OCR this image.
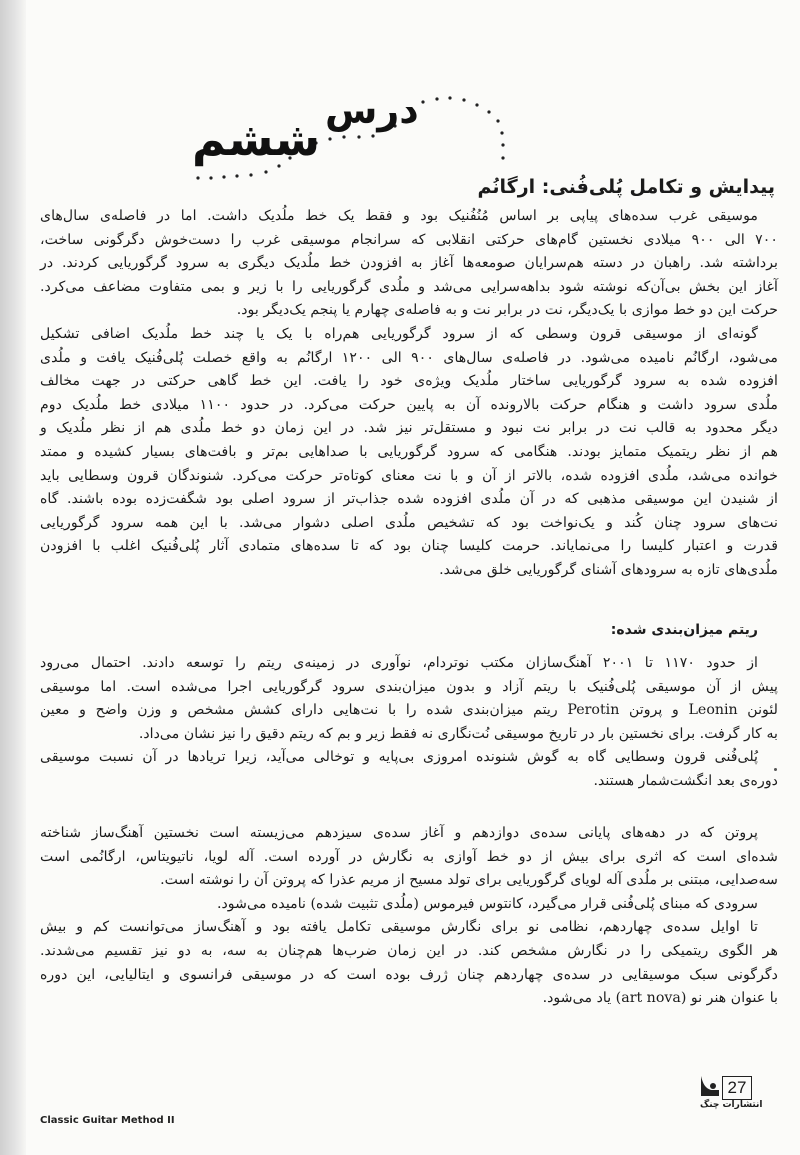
درس
ششم
پیدایش و تکامل پُلی‌فُنی: ارگانُم
موسیقی غرب سده‌های پیاپی بر اساس مُنُفُنیک بود و فقط یک خط ملُدیک داشت. اما در فاصله‌ی سال‌های
۷۰۰ الی ۹۰۰ میلادی نخستین گام‌های حرکتی انقلابی که سرانجام موسیقی غرب را دست‌خوش دگرگونی ساخت،
برداشته شد. راهبان در دسته هم‌سرایان صومعه‌ها آغاز به افزودن خط ملُدیک دیگری به سرود گرگوریایی کردند. در
آغاز این بخش بی‌آن‌که نوشته شود بداهه‌سرایی می‌شد و ملُدی گرگوریایی را با زیر و بمی متفاوت مضاعف می‌کرد.
حرکت این دو خط موازی با یک‌دیگر، نت در برابر نت و به فاصله‌ی چهارم یا پنجم یک‌دیگر بود.
گونه‌ای از موسیقی قرون وسطی که از سرود گرگوریایی هم‌راه با یک یا چند خط ملُدیک اضافی تشکیل
می‌شود، ارگانُم نامیده می‌شود. در فاصله‌ی سال‌های ۹۰۰ الی ۱۲۰۰ ارگانُم به واقع خصلت پُلی‌فُنیک یافت و ملُدی
افزوده شده به سرود گرگوریایی ساختار ملُدیک ویژه‌ی خود را یافت. این خط گاهی حرکتی در جهت مخالف
ملُدی سرود داشت و هنگام حرکت بالارونده آن به پایین حرکت می‌کرد. در حدود ۱۱۰۰ میلادی خط ملُدیک دوم
دیگر محدود به قالب نت در برابر نت نبود و مستقل‌تر نیز شد. در این زمان دو خط ملُدی هم از نظر ملُدیک و
هم از نظر ریتمیک متمایز بودند. هنگامی که سرود گرگوریایی با صداهایی بم‌تر و بافت‌های بسیار کشیده و ممتد
خوانده می‌شد، ملُدی افزوده شده، بالاتر از آن و با نت معنای کوتاه‌تر حرکت می‌کرد. شنوندگان قرون وسطایی باید
از شنیدن این موسیقی مذهبی که در آن ملُدی افزوده شده جذاب‌تر از سرود اصلی بود شگفت‌زده بوده باشند. گاه
نت‌های سرود چنان کُند و یک‌نواخت بود که تشخیص ملُدی اصلی دشوار می‌شد. با این همه سرود گرگوریایی
قدرت و اعتبار کلیسا را می‌نمایاند. حرمت کلیسا چنان بود که تا سده‌های متمادی آثار پُلی‌فُنیک اغلب با افزودن
ملُدی‌های تازه به سرودهای آشنای گرگوریایی خلق می‌شد.
ریتم میزان‌بندی شده:
از حدود ۱۱۷۰ تا ۲۰۰۱ آهنگ‌سازان مکتب نوتردام، نوآوری در زمینه‌ی ریتم را توسعه دادند. احتمال می‌رود
پیش از آن موسیقی پُلی‌فُنیک با ریتم آزاد و بدون میزان‌بندی سرود گرگوریایی اجرا می‌شده است. اما موسیقی
لئونن Leonin و پروتن Perotin ریتم میزان‌بندی شده را با نت‌هایی دارای کشش مشخص و وزن واضح و معین
به کار گرفت. برای نخستین بار در تاریخ موسیقی نُت‌نگاری نه فقط زیر و بم که ریتم دقیق را نیز نشان می‌داد.
پُلی‌فُنی قرون وسطایی گاه به گوش شنونده امروزی بی‌پایه و توخالی می‌آید، زیرا تریادها در آن نسبت موسیقی
دوره‌ی بعد انگشت‌شمار هستند.
پروتن که در دهه‌های پایانی سده‌ی دوازدهم و آغاز سده‌ی سیزدهم می‌زیسته است نخستین آهنگ‌ساز شناخته
شده‌ای است که اثری برای بیش از دو خط آوازی به نگارش در آورده است. آله لویا، ناتیویتاس، ارگانُمی است
سه‌صدایی، مبتنی بر ملُدی آله لویای گرگوریایی برای تولد مسیح از مریم عذرا که پروتن آن را نوشته است.
سرودی که مبنای پُلی‌فُنی قرار می‌گیرد، کانتوس فیرموس (ملُدی تثبیت شده) نامیده می‌شود.
تا اوایل سده‌ی چهاردهم، نظامی نو برای نگارش موسیقی تکامل یافته بود و آهنگ‌ساز می‌توانست کم و بیش
هر الگوی ریتمیکی را در نگارش مشخص کند. در این زمان ضرب‌ها هم‌چنان به سه، به دو نیز تقسیم می‌شدند.
دگرگونی سبک موسیقایی در سده‌ی چهاردهم چنان ژرف بوده است که در موسیقی فرانسوی و ایتالیایی، این دوره
با عنوان هنر نو (art nova) یاد می‌شود.
27
انتشارات چنگ
Classic Guitar Method II
